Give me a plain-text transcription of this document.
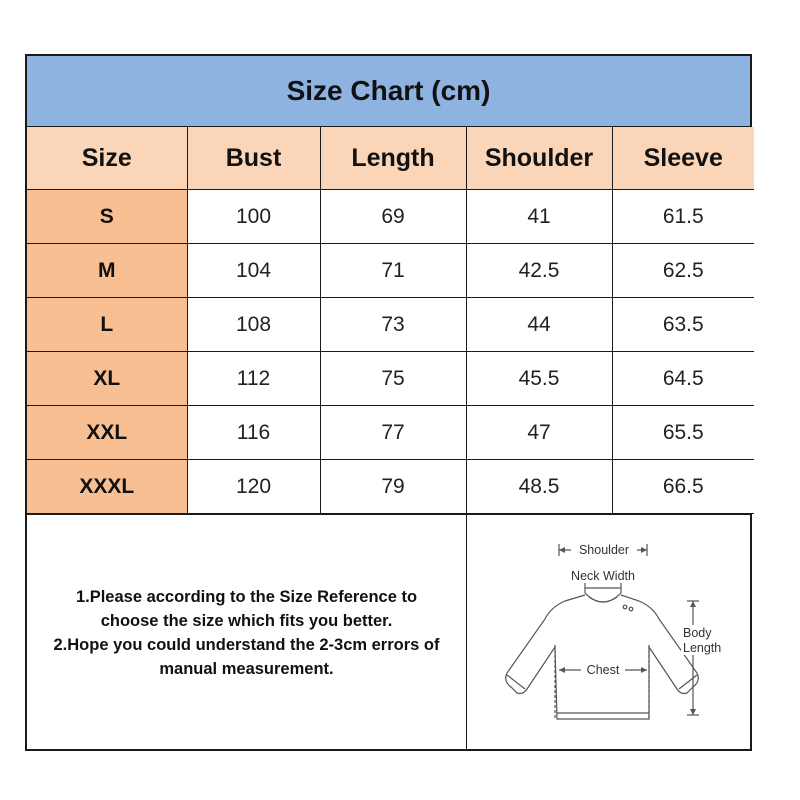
Size Chart (cm)
Size	Bust	Length	Shoulder	Sleeve
S	100	69	41	61.5
M	104	71	42.5	62.5
L	108	73	44	63.5
XL	112	75	45.5	64.5
XXL	116	77	47	65.5
XXXL	120	79	48.5	66.5
1.Please according to the Size Reference to
choose the size which fits you better.
2.Hope you could understand the 2-3cm errors of
manual measurement.
Shoulder
Neck Width
Chest
Body
Length
